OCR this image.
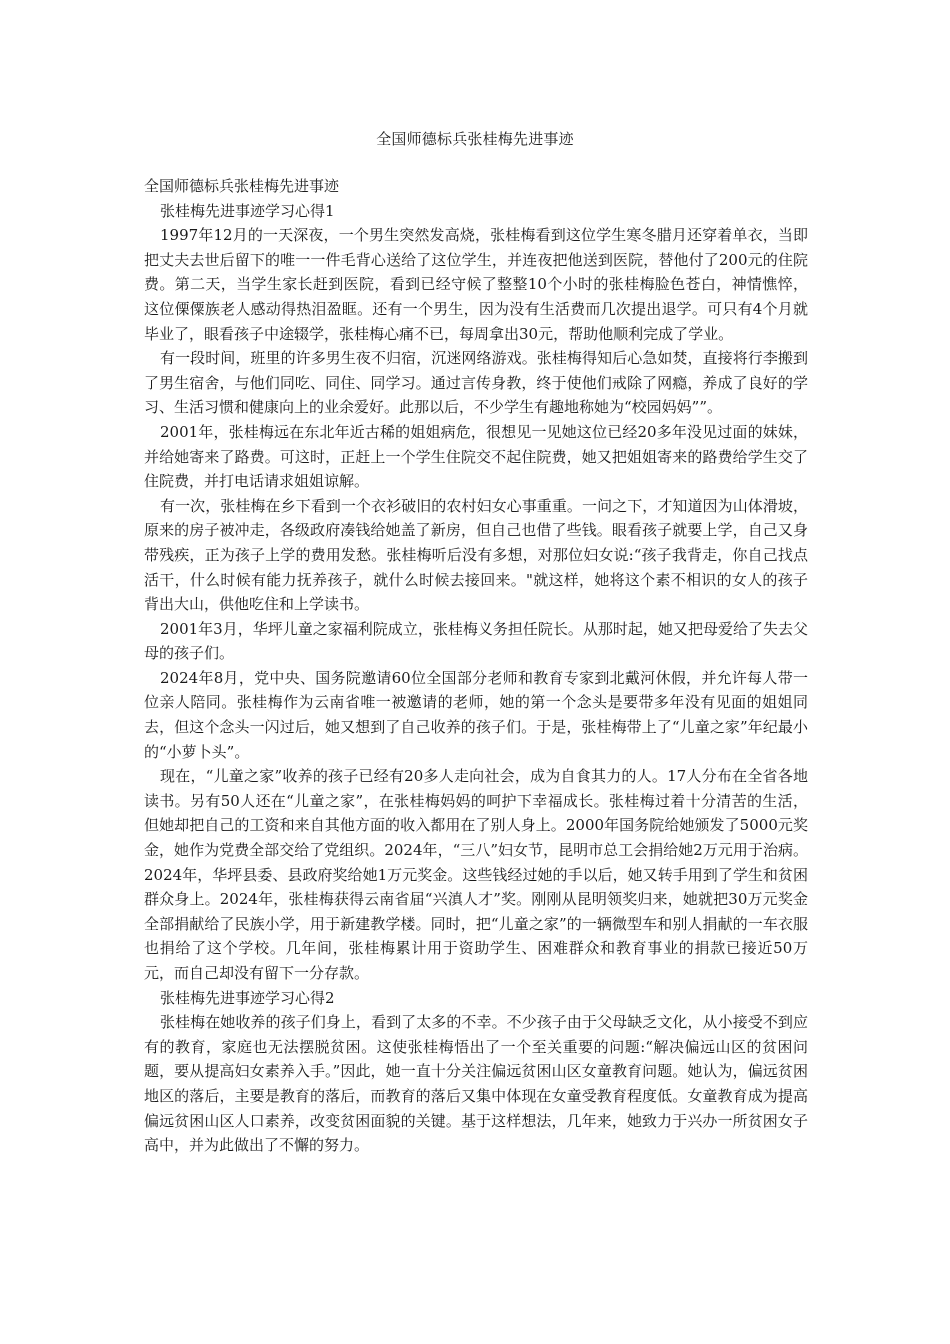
全国师德标兵张桂梅先进事迹

全国师德标兵张桂梅先进事迹

张桂梅先进事迹学习心得1

1997年12月的一天深夜，一个男生突然发高烧，张桂梅看到这位学生寒冬腊月还穿着单衣，当即把丈夫去世后留下的唯一一件毛背心送给了这位学生，并连夜把他送到医院，替他付了200元的住院费。第二天，当学生家长赶到医院，看到已经守候了整整10个小时的张桂梅脸色苍白，神情憔悴，这位傈僳族老人感动得热泪盈眶。还有一个男生，因为没有生活费而几次提出退学。可只有4个月就毕业了，眼看孩子中途辍学，张桂梅心痛不已，每周拿出30元，帮助他顺利完成了学业。

有一段时间，班里的许多男生夜不归宿，沉迷网络游戏。张桂梅得知后心急如焚，直接将行李搬到了男生宿舍，与他们同吃、同住、同学习。通过言传身教，终于使他们戒除了网瘾，养成了良好的学习、生活习惯和健康向上的业余爱好。此那以后，不少学生有趣地称她为“校园妈妈””。

2001年，张桂梅远在东北年近古稀的姐姐病危，很想见一见她这位已经20多年没见过面的妹妹，并给她寄来了路费。可这时，正赶上一个学生住院交不起住院费，她又把姐姐寄来的路费给学生交了住院费，并打电话请求姐姐谅解。

有一次，张桂梅在乡下看到一个衣衫破旧的农村妇女心事重重。一问之下，才知道因为山体滑坡，原来的房子被冲走，各级政府凑钱给她盖了新房，但自己也借了些钱。眼看孩子就要上学，自己又身带残疾，正为孩子上学的费用发愁。张桂梅听后没有多想，对那位妇女说:“孩子我背走，你自己找点活干，什么时候有能力抚养孩子，就什么时候去接回来。"就这样，她将这个素不相识的女人的孩子背出大山，供他吃住和上学读书。

2001年3月，华坪儿童之家福利院成立，张桂梅义务担任院长。从那时起，她又把母爱给了失去父母的孩子们。

2024年8月，党中央、国务院邀请60位全国部分老师和教育专家到北戴河休假，并允许每人带一位亲人陪同。张桂梅作为云南省唯一被邀请的老师，她的第一个念头是要带多年没有见面的姐姐同去，但这个念头一闪过后，她又想到了自己收养的孩子们。于是，张桂梅带上了“儿童之家”年纪最小的“小萝卜头”。

现在，“儿童之家”收养的孩子已经有20多人走向社会，成为自食其力的人。17人分布在全省各地读书。另有50人还在“儿童之家”，在张桂梅妈妈的呵护下幸福成长。张桂梅过着十分清苦的生活，但她却把自己的工资和来自其他方面的收入都用在了别人身上。2000年国务院给她颁发了5000元奖金，她作为党费全部交给了党组织。2024年，“三八”妇女节，昆明市总工会捐给她2万元用于治病。2024年，华坪县委、县政府奖给她1万元奖金。这些钱经过她的手以后，她又转手用到了学生和贫困群众身上。2024年，张桂梅获得云南省届“兴滇人才”奖。刚刚从昆明领奖归来，她就把30万元奖金全部捐献给了民族小学，用于新建教学楼。同时，把“儿童之家”的一辆微型车和别人捐献的一车衣服也捐给了这个学校。几年间，张桂梅累计用于资助学生、困难群众和教育事业的捐款已接近50万元，而自己却没有留下一分存款。

张桂梅先进事迹学习心得2

张桂梅在她收养的孩子们身上，看到了太多的不幸。不少孩子由于父母缺乏文化，从小接受不到应有的教育，家庭也无法摆脱贫困。这使张桂梅悟出了一个至关重要的问题:“解决偏远山区的贫困问题，要从提高妇女素养入手。”因此，她一直十分关注偏远贫困山区女童教育问题。她认为，偏远贫困地区的落后，主要是教育的落后，而教育的落后又集中体现在女童受教育程度低。女童教育成为提高偏远贫困山区人口素养，改变贫困面貌的关键。基于这样想法，几年来，她致力于兴办一所贫困女子高中，并为此做出了不懈的努力。
